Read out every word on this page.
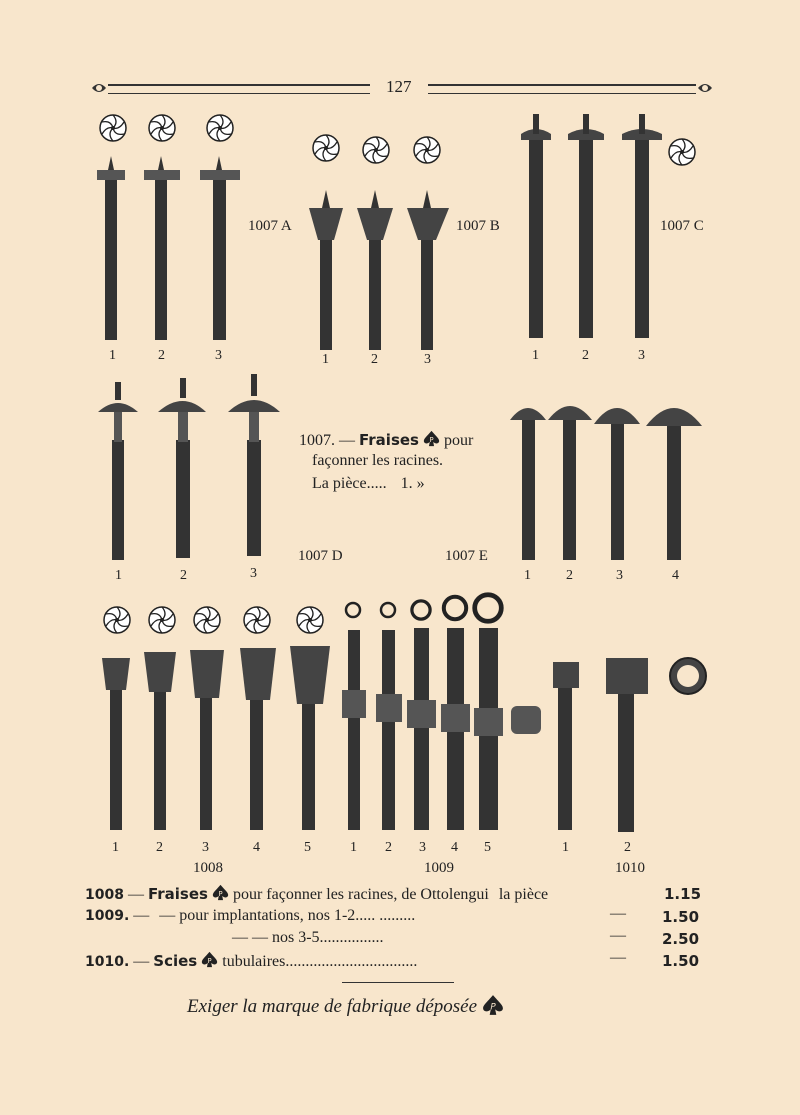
127
1007 A	1007 B	1007 C
1	2	3	1	2	3	1	2	3
1007. — Fraises P pour
façonner les racines.
La pièce..... 1. »
1007 D	1007 E
1	2	3	1	2	3	4
1	2	3	4	5	1 2 3 4 5	1	2
1008	1009	1010
1008 — Fraises P pour façonner les racines, de Ottolengui la pièce	1.15
1009. — — pour implantations, nos 1-2..... .........	— 1.50
— — nos 3-5................	— 2.50
1010. — Scies P tubulaires.................................	— 1.50
Exiger la marque de fabrique déposée P
